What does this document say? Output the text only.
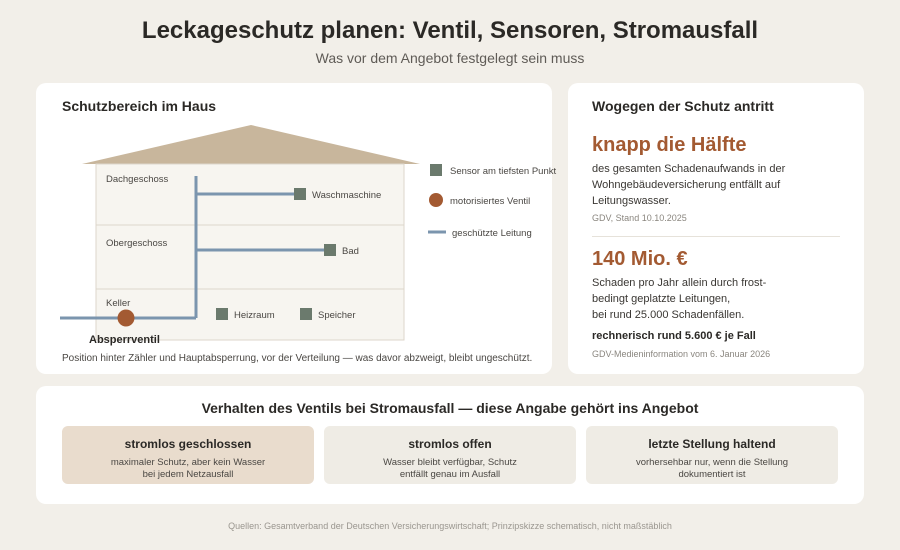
Leckageschutz planen: Ventil, Sensoren, Stromausfall
Was vor dem Angebot festgelegt sein muss
Schutzbereich im Haus
Dachgeschoss
Obergeschoss
Keller
Waschmaschine
Bad
Heizraum	Speicher
Absperrventil
Sensor am tiefsten Punkt
motorisiertes Ventil
geschützte Leitung
Position hinter Zähler und Hauptabsperrung, vor der Verteilung — was davor abzweigt, bleibt ungeschützt.
Wogegen der Schutz antritt
knapp die Hälfte
des gesamten Schadenaufwands in der
Wohngebäudeversicherung entfällt auf
Leitungswasser.
GDV, Stand 10.10.2025
140 Mio. €
Schaden pro Jahr allein durch frost-
bedingt geplatzte Leitungen,
bei rund 25.000 Schadenfällen.
rechnerisch rund 5.600 € je Fall
GDV-Medieninformation vom 6. Januar 2026
Verhalten des Ventils bei Stromausfall — diese Angabe gehört ins Angebot
stromlos geschlossen
maximaler Schutz, aber kein Wasser
bei jedem Netzausfall
stromlos offen
Wasser bleibt verfügbar, Schutz
entfällt genau im Ausfall
letzte Stellung haltend
vorhersehbar nur, wenn die Stellung
dokumentiert ist
Quellen: Gesamtverband der Deutschen Versicherungswirtschaft; Prinzipskizze schematisch, nicht maßstäblich
